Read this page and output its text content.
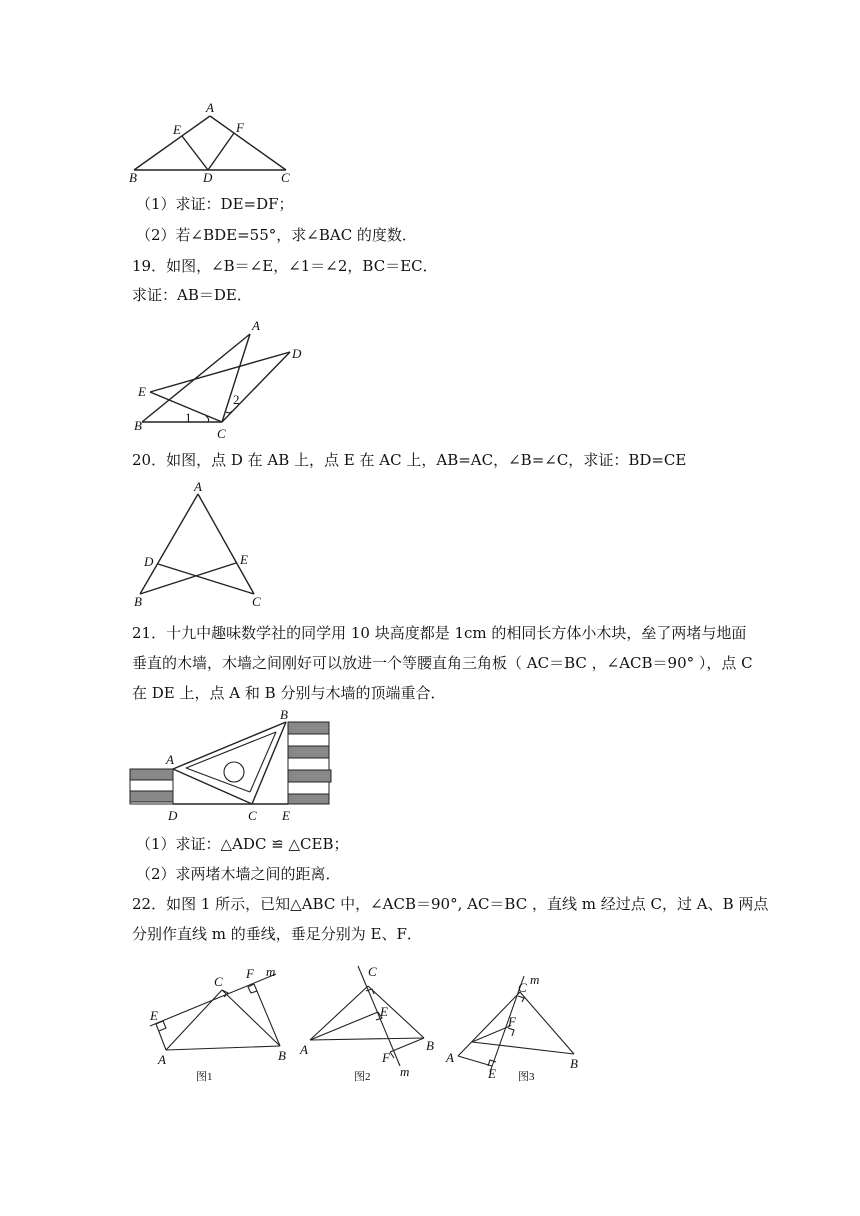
A
E	F
B	D	C
（1）求证：DE=DF；
（2）若∠BDE=55°，求∠BAC 的度数．
19．如图，∠B＝∠E，∠1＝∠2，BC＝EC．
求证：AB＝DE．
A
D
E
B
C
1
2
20．如图，点 D 在 AB 上，点 E 在 AC 上，AB=AC，∠B=∠C，求证：BD=CE
A
D	E
B	C
21．十九中趣味数学社的同学用 10 块高度都是 1cm 的相同长方体小木块，垒了两堵与地面
垂直的木墙，木墙之间刚好可以放进一个等腰直角三角板（ AC＝BC ，∠ACB＝90° ），点 C
在 DE 上，点 A 和 B 分别与木墙的顶端重合．
A
B
C
D	E
（1）求证：△ADC ≌ △CEB；
（2）求两堵木墙之间的距离．
22．如图 1 所示，已知△ABC 中，∠ACB＝90°, AC＝BC ，直线 m 经过点 C，过 A、B 两点
分别作直线 m 的垂线，垂足分别为 E、F．
F m
C
E
A	B
图1
C
E
A	B
F
m
图2
m
C
F
A	B
E 图3
